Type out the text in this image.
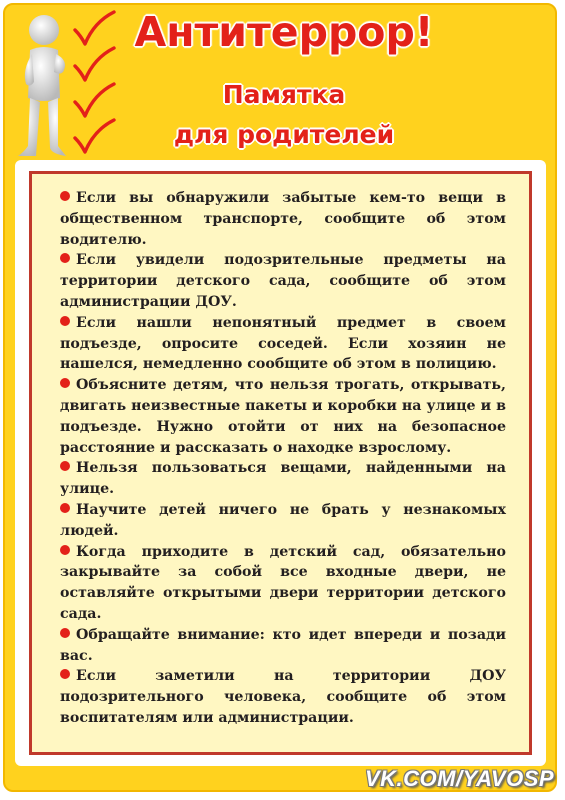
Антитеррор!
Памятка
для родителей

Если вы обнаружили забытые кем-то вещи в общественном транспорте, сообщите об этом водителю.

Если увидели подозрительные предметы на территории детского сада, сообщите об этом администрации ДОУ.

Если нашли непонятный предмет в своем подъезде, опросите соседей. Если хозяин не нашелся, немедленно сообщите об этом в полицию.

Объясните детям, что нельзя трогать, открывать, двигать неизвестные пакеты и коробки на улице и в подъезде. Нужно отойти от них на безопасное расстояние и рассказать о находке взрослому.

Нельзя пользоваться вещами, найденными на улице.

Научите детей ничего не брать у незнакомых людей.

Когда приходите в детский сад, обязательно закрывайте за собой все входные двери, не оставляйте открытыми двери территории детского сада.

Обращайте внимание: кто идет впереди и позади вас.

Если заметили на территории ДОУ подозрительного человека, сообщите об этом воспитателям или администрации.

VK.COM/YAVOSP
